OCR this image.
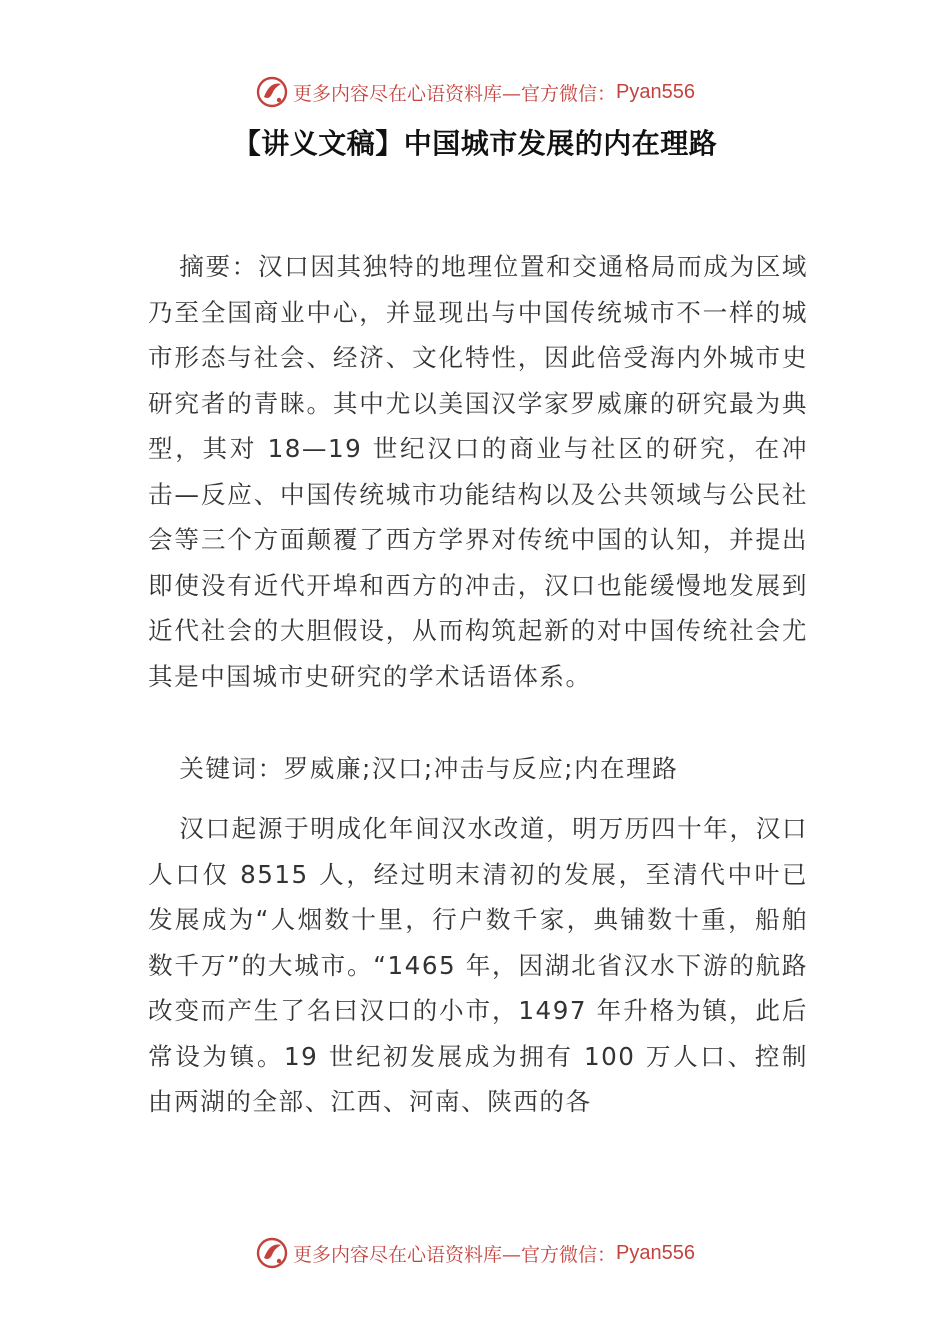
更多内容尽在心语资料库—官方微信： Pyan556
【讲义文稿】中国城市发展的内在理路

摘要：汉口因其独特的地理位置和交通格局而成为区域乃至全国商业中心，并显现出与中国传统城市不一样的城市形态与社会、经济、文化特性，因此倍受海内外城市史研究者的青睐。其中尤以美国汉学家罗威廉的研究最为典型，其对 18—19 世纪汉口的商业与社区的研究，在冲击—反应、中国传统城市功能结构以及公共领域与公民社会等三个方面颠覆了西方学界对传统中国的认知，并提出即使没有近代开埠和西方的冲击，汉口也能缓慢地发展到近代社会的大胆假设，从而构筑起新的对中国传统社会尤其是中国城市史研究的学术话语体系。

关键词：罗威廉;汉口;冲击与反应;内在理路

汉口起源于明成化年间汉水改道，明万历四十年，汉口人口仅 8515 人，经过明末清初的发展，至清代中叶已发展成为“人烟数十里，行户数千家，典铺数十重，船舶数千万”的大城市。“1465 年，因湖北省汉水下游的航路改变而产生了名曰汉口的小市，1497 年升格为镇，此后常设为镇。19 世纪初发展成为拥有 100 万人口、控制由两湖的全部、江西、河南、陕西的各

更多内容尽在心语资料库—官方微信： Pyan556
